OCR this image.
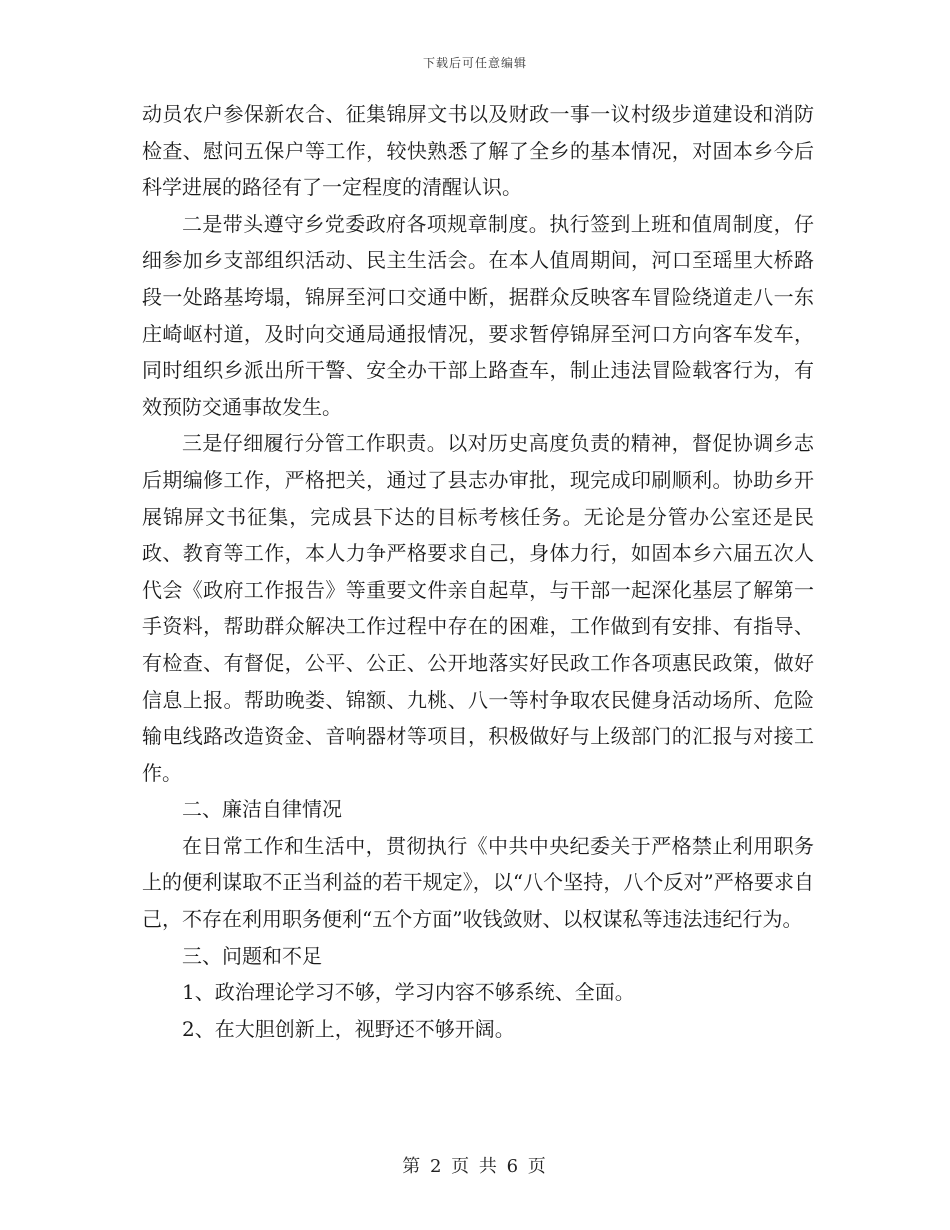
下载后可任意编辑

动员农户参保新农合、征集锦屏文书以及财政一事一议村级步道建设和消防检查、慰问五保户等工作，较快熟悉了解了全乡的基本情况，对固本乡今后科学进展的路径有了一定程度的清醒认识。

二是带头遵守乡党委政府各项规章制度。执行签到上班和值周制度，仔细参加乡支部组织活动、民主生活会。在本人值周期间，河口至瑶里大桥路段一处路基垮塌，锦屏至河口交通中断，据群众反映客车冒险绕道走八一东庄崎岖村道，及时向交通局通报情况，要求暂停锦屏至河口方向客车发车，同时组织乡派出所干警、安全办干部上路查车，制止违法冒险载客行为，有效预防交通事故发生。

三是仔细履行分管工作职责。以对历史高度负责的精神，督促协调乡志后期编修工作，严格把关，通过了县志办审批，现完成印刷顺利。协助乡开展锦屏文书征集，完成县下达的目标考核任务。无论是分管办公室还是民政、教育等工作，本人力争严格要求自己，身体力行，如固本乡六届五次人代会《政府工作报告》等重要文件亲自起草，与干部一起深化基层了解第一手资料，帮助群众解决工作过程中存在的困难，工作做到有安排、有指导、有检查、有督促，公平、公正、公开地落实好民政工作各项惠民政策，做好信息上报。帮助晚娄、锦额、九桃、八一等村争取农民健身活动场所、危险输电线路改造资金、音响器材等项目，积极做好与上级部门的汇报与对接工作。

二、廉洁自律情况

在日常工作和生活中，贯彻执行《中共中央纪委关于严格禁止利用职务上的便利谋取不正当利益的若干规定》，以“八个坚持，八个反对”严格要求自己，不存在利用职务便利“五个方面”收钱敛财、以权谋私等违法违纪行为。

三、问题和不足

1、政治理论学习不够，学习内容不够系统、全面。

2、在大胆创新上，视野还不够开阔。

第 2 页 共 6 页
